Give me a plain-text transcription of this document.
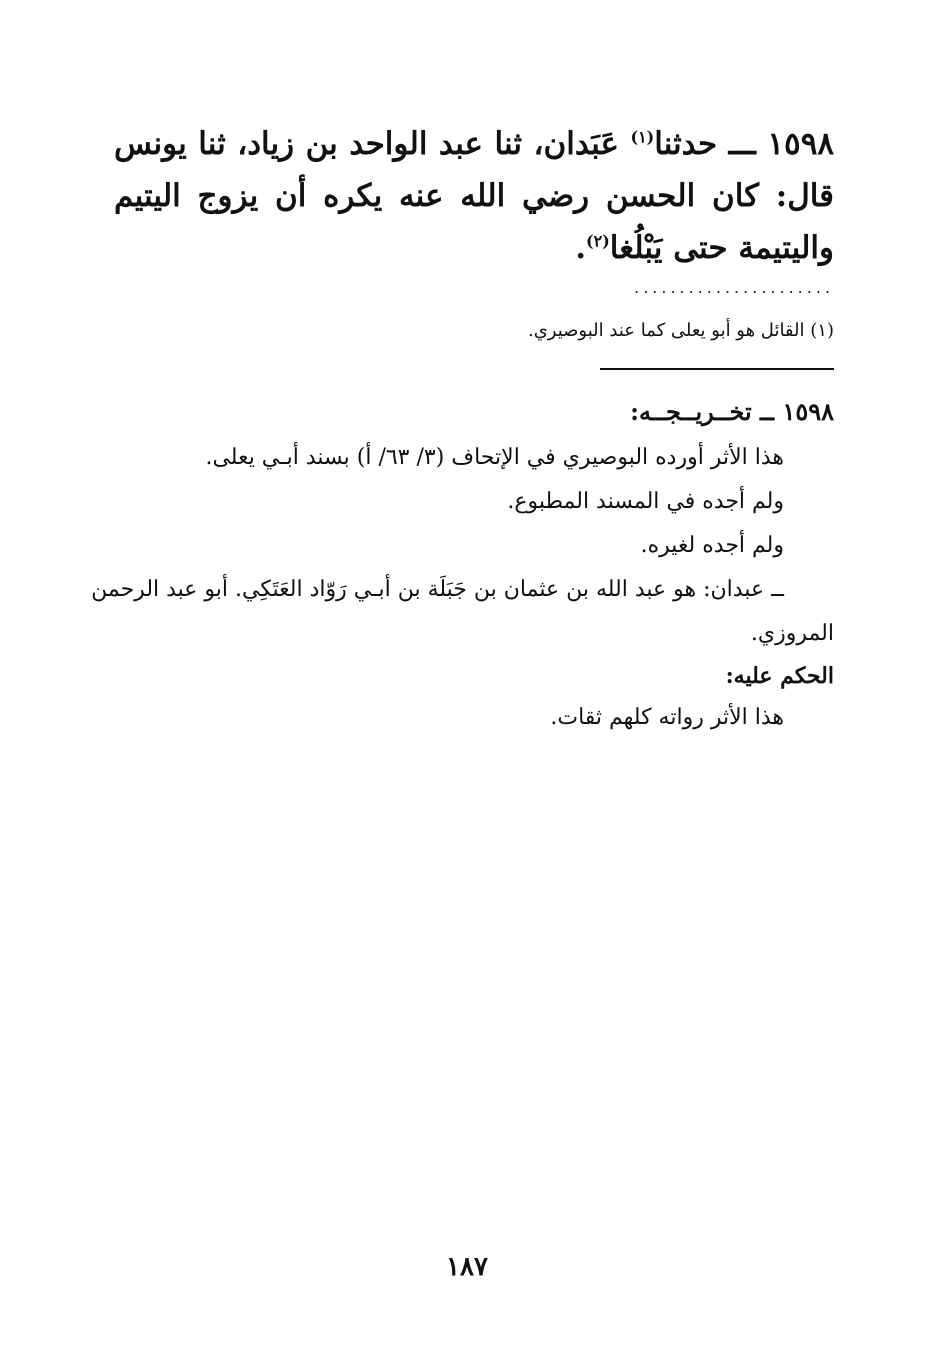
١٥٩٨ ـــ حدثنا$^{(١)}$ عَبَدان، ثنا عبد الواحد بن زياد، ثنا يونس قال: كان الحسن رضي الله عنه يكره أن يزوج اليتيم واليتيمة حتى يَبْلُغا$^{(٢)}$.
......................
(١) القائل هو أبو يعلى كما عند البوصيري.
١٥٩٨ ــ تخــريــجــه:
هذا الأثر أورده البوصيري في الإتحاف (٣/ ٦٣/ أ) بسند أبـي يعلى.
ولم أجده في المسند المطبوع.
ولم أجده لغيره.
ــ عبدان: هو عبد الله بن عثمان بن جَبَلَة بن أبـي رَوّاد العَتَكِي. أبو عبد الرحمن
المروزي.
الحكم عليه:
هذا الأثر رواته كلهم ثقات.
١٨٧
